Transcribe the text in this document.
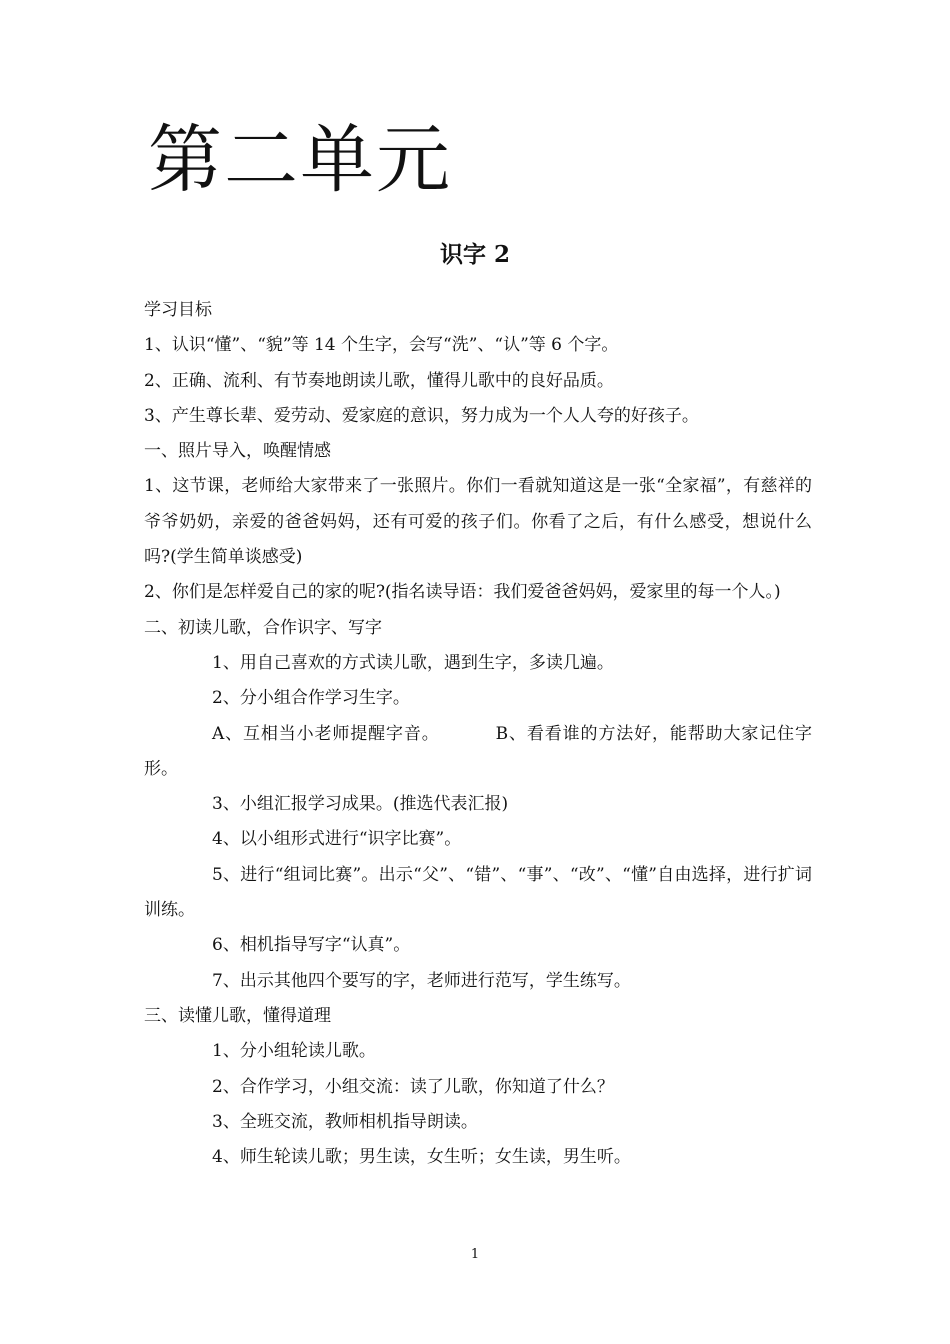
第二单元
识字 2

学习目标

1、认识“懂”、“貌”等 14 个生字，会写“洗”、“认”等 6 个字。

2、正确、流利、有节奏地朗读儿歌，懂得儿歌中的良好品质。

3、产生尊长辈、爱劳动、爱家庭的意识，努力成为一个人人夸的好孩子。

一、照片导入，唤醒情感

1、这节课，老师给大家带来了一张照片。你们一看就知道这是一张“全家福”，有慈祥的爷爷奶奶，亲爱的爸爸妈妈，还有可爱的孩子们。你看了之后，有什么感受，想说什么吗?(学生简单谈感受)

2、你们是怎样爱自己的家的呢?(指名读导语：我们爱爸爸妈妈，爱家里的每一个人。)

二、初读儿歌，合作识字、写字

1、用自己喜欢的方式读儿歌，遇到生字，多读几遍。

2、分小组合作学习生字。

A、互相当小老师提醒字音。	B、看看谁的方法好，能帮助大家记住字形。

3、小组汇报学习成果。(推选代表汇报)

4、以小组形式进行“识字比赛”。

5、进行“组词比赛”。出示“父”、“错”、“事”、“改”、“懂”自由选择，进行扩词训练。

6、相机指导写字“认真”。

7、出示其他四个要写的字，老师进行范写，学生练写。

三、读懂儿歌，懂得道理

1、分小组轮读儿歌。

2、合作学习，小组交流：读了儿歌，你知道了什么？

3、全班交流，教师相机指导朗读。

4、师生轮读儿歌；男生读，女生听；女生读，男生听。

1
